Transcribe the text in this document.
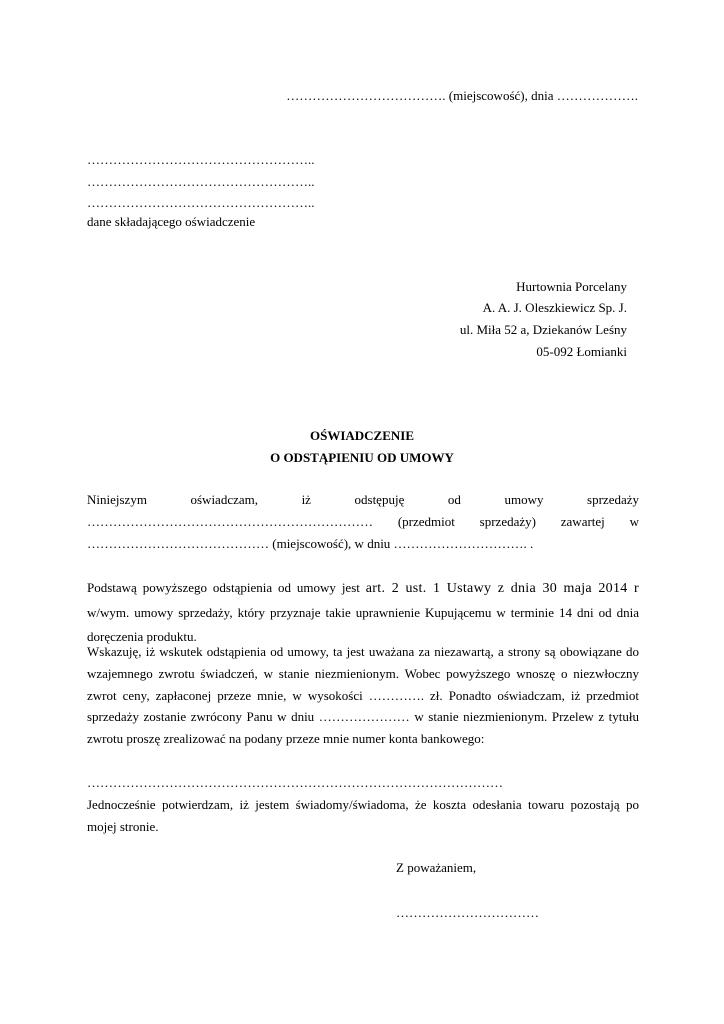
………………………………. (miejscowość), dnia ……………….
……………………………………………..
……………………………………………..
……………………………………………..
dane składającego oświadczenie
Hurtownia Porcelany
A. A. J. Oleszkiewicz Sp. J.
ul. Miła 52 a, Dziekanów Leśny
05-092 Łomianki
OŚWIADCZENIE
O ODSTĄPIENIU OD UMOWY
Niniejszym oświadczam, iż odstępuję od umowy sprzedaży
………………………………………………………… (przedmiot sprzedaży) zawartej w
…………………………………… (miejscowość), w dniu …………………………. .
Podstawą powyższego odstąpienia od umowy jest art. 2 ust. 1 Ustawy z dnia 30 maja 2014 r w/wym. umowy sprzedaży, który przyznaje takie uprawnienie Kupującemu w terminie 14 dni od dnia doręczenia produktu.
Wskazuję, iż wskutek odstąpienia od umowy, ta jest uważana za niezawartą, a strony są obowiązane do wzajemnego zwrotu świadczeń, w stanie niezmienionym. Wobec powyższego wnoszę o niezwłoczny zwrot ceny, zapłaconej przeze mnie, w wysokości …………. zł. Ponadto oświadczam, iż przedmiot sprzedaży zostanie zwrócony Panu w dniu ………………… w stanie niezmienionym. Przelew z tytułu zwrotu proszę zrealizować na podany przeze mnie numer konta bankowego:
……………………………………………………………………………………
Jednocześnie potwierdzam, iż jestem świadomy/świadoma, że koszta odesłania towaru pozostają po mojej stronie.
Z poważaniem,
……………………………
